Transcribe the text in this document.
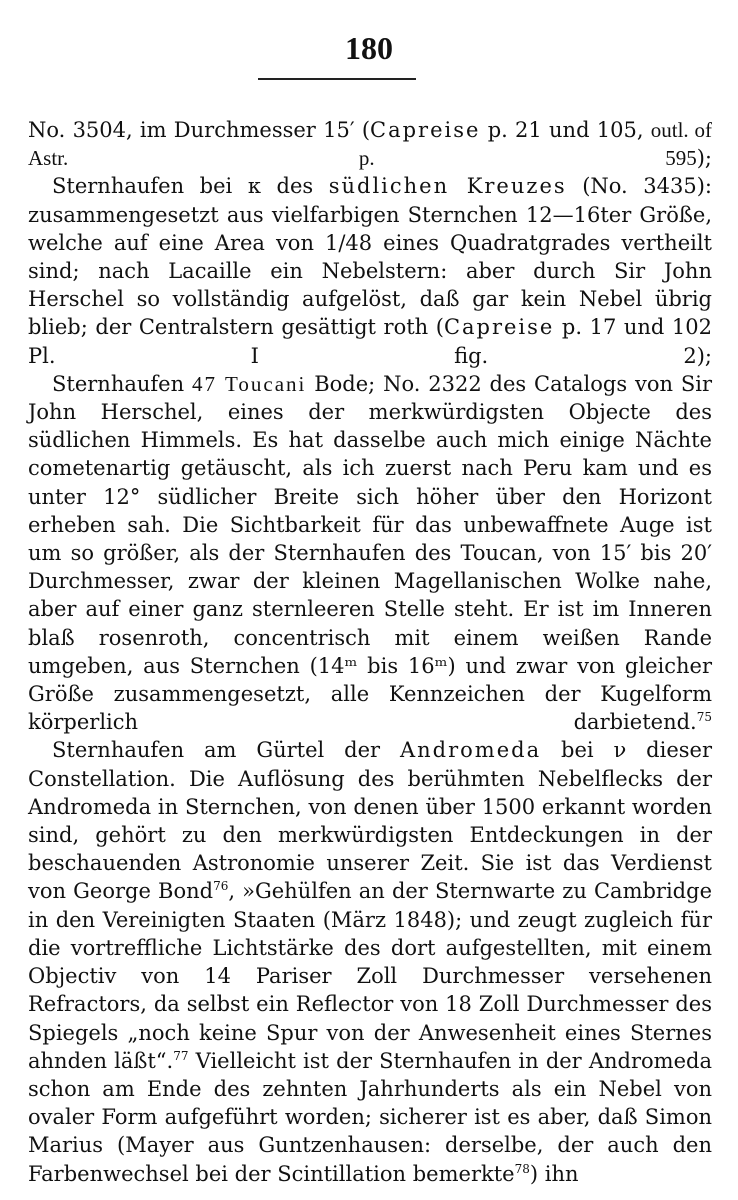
180

No. 3504, im Durchmesser 15′ (Capreise p. 21 und 105, outl. of Astr. p. 595);

Sternhaufen bei κ des südlichen Kreuzes (No. 3435): zusammengesetzt aus vielfarbigen Sternchen 12—16ter Größe, welche auf eine Area von 1/48 eines Quadratgrades vertheilt sind; nach Lacaille ein Nebelstern: aber durch Sir John Herschel so vollständig aufgelöst, daß gar kein Nebel übrig blieb; der Centralstern gesättigt roth (Capreise p. 17 und 102 Pl. I fig. 2);

Sternhaufen 47 Toucani Bode; No. 2322 des Catalogs von Sir John Herschel, eines der merkwürdigsten Objecte des südlichen Himmels. Es hat dasselbe auch mich einige Nächte cometenartig getäuscht, als ich zuerst nach Peru kam und es unter 12° südlicher Breite sich höher über den Horizont erheben sah. Die Sichtbarkeit für das unbewaffnete Auge ist um so größer, als der Sternhaufen des Toucan, von 15′ bis 20′ Durchmesser, zwar der kleinen Magellanischen Wolke nahe, aber auf einer ganz sternleeren Stelle steht. Er ist im Inneren blaß rosenroth, concentrisch mit einem weißen Rande umgeben, aus Sternchen (14ᵐ bis 16ᵐ) und zwar von gleicher Größe zusammengesetzt, alle Kennzeichen der Kugelform körperlich darbietend.$^{75}$

Sternhaufen am Gürtel der Andromeda bei ν dieser Constellation. Die Auflösung des berühmten Nebelflecks der Andromeda in Sternchen, von denen über 1500 erkannt worden sind, gehört zu den merkwürdigsten Entdeckungen in der beschauenden Astronomie unserer Zeit. Sie ist das Verdienst von George Bond$^{76}$, »Gehülfen an der Sternwarte zu Cambridge in den Vereinigten Staaten (März 1848); und zeugt zugleich für die vortreffliche Lichtstärke des dort aufgestellten, mit einem Objectiv von 14 Pariser Zoll Durchmesser versehenen Refractors, da selbst ein Reflector von 18 Zoll Durchmesser des Spiegels „noch keine Spur von der Anwesenheit eines Sternes ahnden läßt“.$^{77}$ Vielleicht ist der Sternhaufen in der Andromeda schon am Ende des zehnten Jahrhunderts als ein Nebel von ovaler Form aufgeführt worden; sicherer ist es aber, daß Simon Marius (Mayer aus Guntzenhausen: derselbe, der auch den Farbenwechsel bei der Scintillation bemerkte$^{78}$) ihn
